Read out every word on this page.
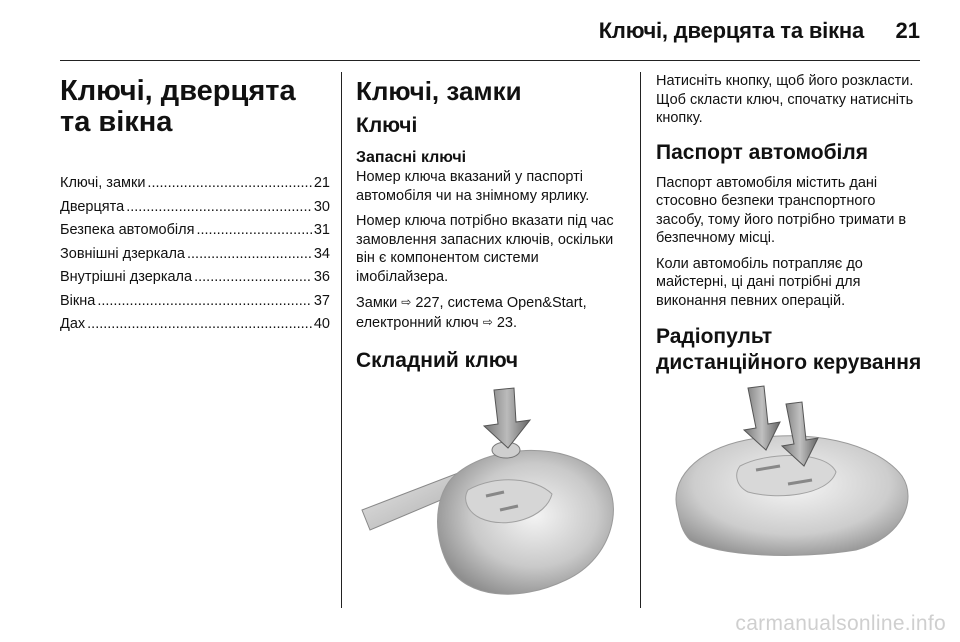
Ключі, дверцята та вікна 21
Ключі, дверцята та вікна
Ключі, замки .....	21
Дверцята .....	30
Безпека автомобіля .....	31
Зовнішні дзеркала .....	34
Внутрішні дзеркала .....	36
Вікна .....	37
Дах .....	40
Ключі, замки
Ключі
Запасні ключі
Номер ключа вказаний у паспорті автомобіля чи на знімному ярлику.
Номер ключа потрібно вказати під час замовлення запасних ключів, оскільки він є компонентом системи імобілайзера.
Замки ⇨ 227, система Open&Start, електронний ключ ⇨ 23.
Складний ключ
Натисніть кнопку, щоб його розкласти. Щоб скласти ключ, спочатку натисніть кнопку.
Паспорт автомобіля
Паспорт автомобіля містить дані стосовно безпеки транспортного засобу, тому його потрібно тримати в безпечному місці.
Коли автомобіль потрапляє до майстерні, ці дані потрібні для виконання певних операцій.
Радіопульт
дистанційного керування
carmanualsonline.info
